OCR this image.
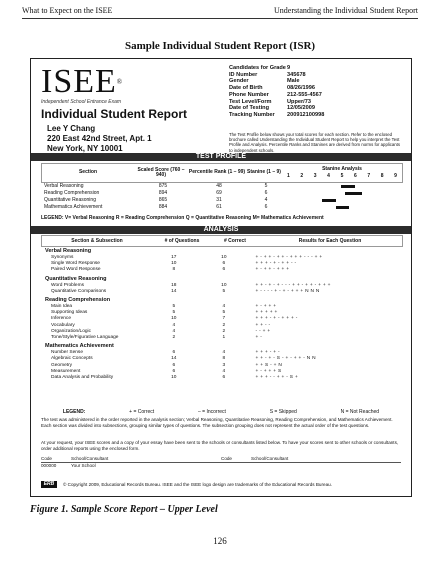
What to Expect on the ISEE	Understanding the Individual Student Report
Sample Individual Student Report (ISR)
ISEE®
Independent School Entrance Exam
Individual Student Report
Lee Y Chang
220 East 42nd Street, Apt. 1
New York, NY 10001
Candidates for Grade 9
ID Number	345678
Gender	Male
Date of Birth	08/26/1996
Phone Number	212-555-4567
Test Level/Form	Upper/73
Date of Testing	12/05/2009
Tracking Number	200912100998
The Test Profile below shows your total scores for each section. Refer to the enclosed brochure called Understanding the Individual Student Report to help you interpret the Test Profile and Analysis. Percentile Ranks and Stanines are derived from norms for applicants to independent schools.
TEST PROFILE
Section	Scaled Score (760 – 940)	Percentile Rank (1 – 99) Stanine (1 – 9)
Stanine Analysis
1 2 3 4 5 6 7 8 9
Verbal Reasoning	875	48	5
Reading Comprehension	894	69	6
Quantitative Reasoning	865	31	4
Mathematics Achievement	884	61	6
LEGEND: V= Verbal Reasoning R = Reading Comprehension Q = Quantitative Reasoning M= Mathematics Achievement
ANALYSIS
Section & Subsection	# of Questions	# Correct	Results for Each Question
Verbal Reasoning
Synonyms	17	10	+ - + + - + + - + + + - - - + +
Single Word Response	10	6	+ + + - + - + + - -
Paired Word Response	8	6	+ - + + - + + +
Quantitative Reasoning
Word Problems	18	10	+ + - + - + - - - + + - + + - + + +
Quantitative Comparisons	14	5	+ - - - - + - + - + + + N N N
Reading Comprehension
Main Idea	5	4	+ - + + +
Supporting Ideas	5	5	+ + + + +
Inference	10	7	+ + + - + - + + + -
Vocabulary	4	2	+ + - -
Organization/Logic	4	2	- - + +
Tone/Style/Figurative Language	2	1	+ -
Mathematics Achievement
Number Sense	6	4	+ + + - + -
Algebraic Concepts	14	8	+ + - + - S - + - + + - N N
Geometry	6	3	+ + S - + N
Measurement	6	4	+ - + + + S
Data Analysis and Probability	10	6	+ + + - - + + - S +
LEGEND:	+ = Correct	– = Incorrect	S = Skipped	N = Not Reached
The test was administered in the order reported in the analysis section; Verbal Reasoning, Quantitative Reasoning, Reading Comprehension, and Mathematics Achievement. Each section was divided into subsections, grouping similar types of questions. The subsection grouping does not represent the actual order of the test questions.
At your request, your ISEE scores and a copy of your essay have been sent to the schools or consultants listed below. To have your scores sent to other schools or consultants, order additional reports using the enclosed form.
Code	School/Consultant	Code	School/Consultant
000000	Your School
ERB	© Copyright 2009, Educational Records Bureau. ISEE and the ISEE logo design are trademarks of the Educational Records Bureau.
Figure 1. Sample Score Report – Upper Level
126
